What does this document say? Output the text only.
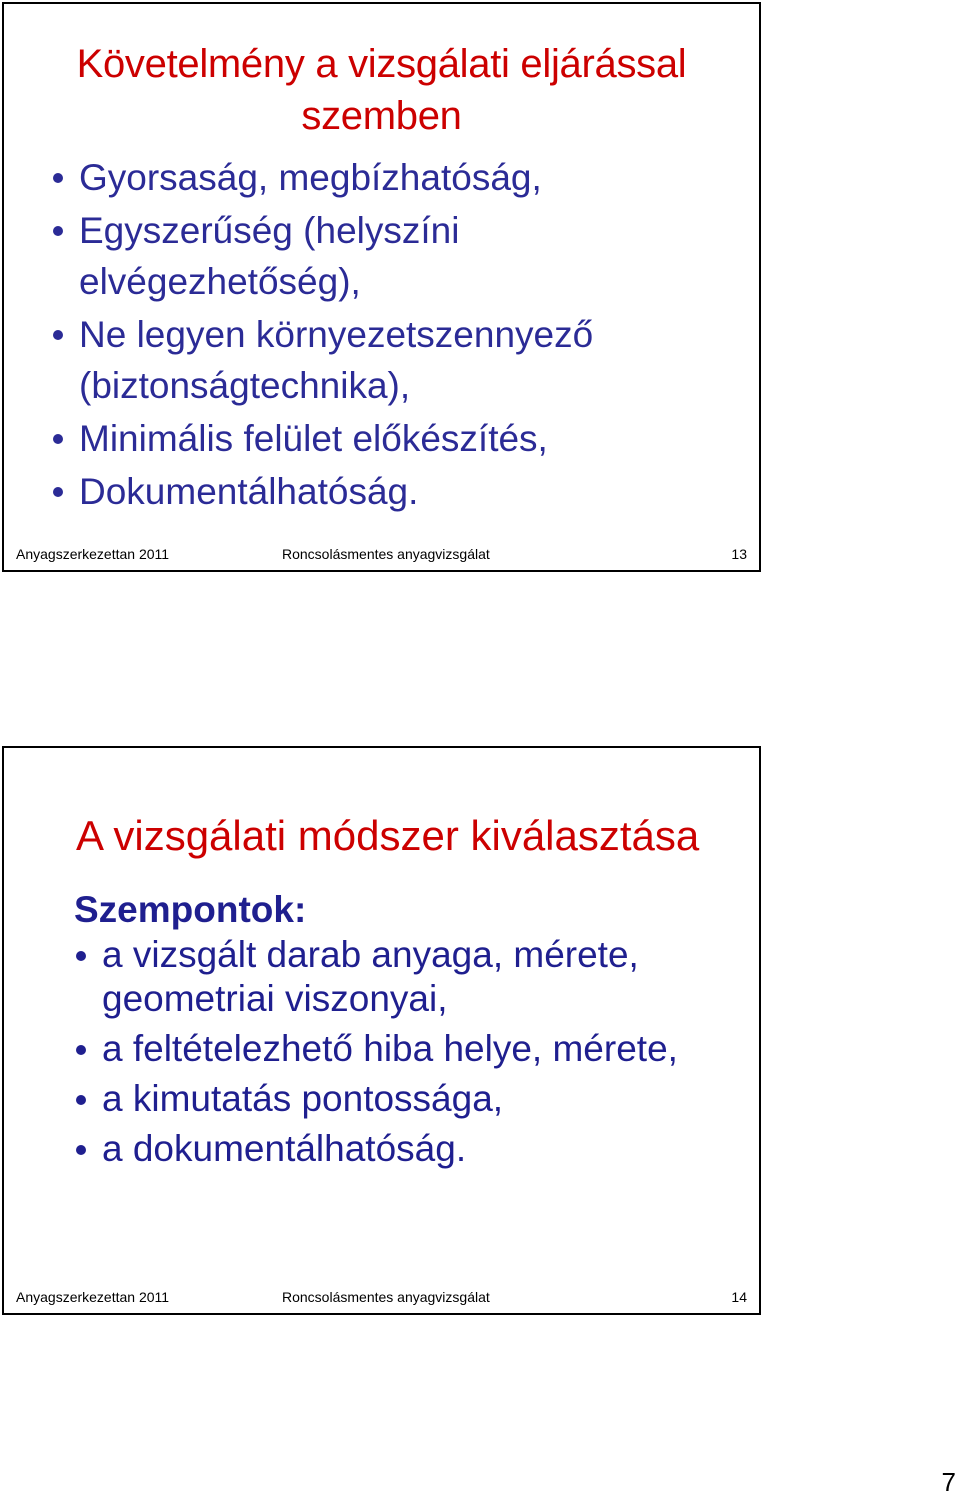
Követelmény a vizsgálati eljárással szemben
Gyorsaság, megbízhatóság,
Egyszerűség (helyszíni elvégezhetőség),
Ne legyen környezetszennyező (biztonságtechnika),
Minimális felület előkészítés,
Dokumentálhatóság.
Anyagszerkezettan 2011	Roncsolásmentes anyagvizsgálat	13
A vizsgálati módszer kiválasztása

Szempontok:

a vizsgált darab anyaga, mérete, geometriai viszonyai,
a feltételezhető hiba helye, mérete,
a kimutatás pontossága,
a dokumentálhatóság.
Anyagszerkezettan 2011	Roncsolásmentes anyagvizsgálat	14
7
